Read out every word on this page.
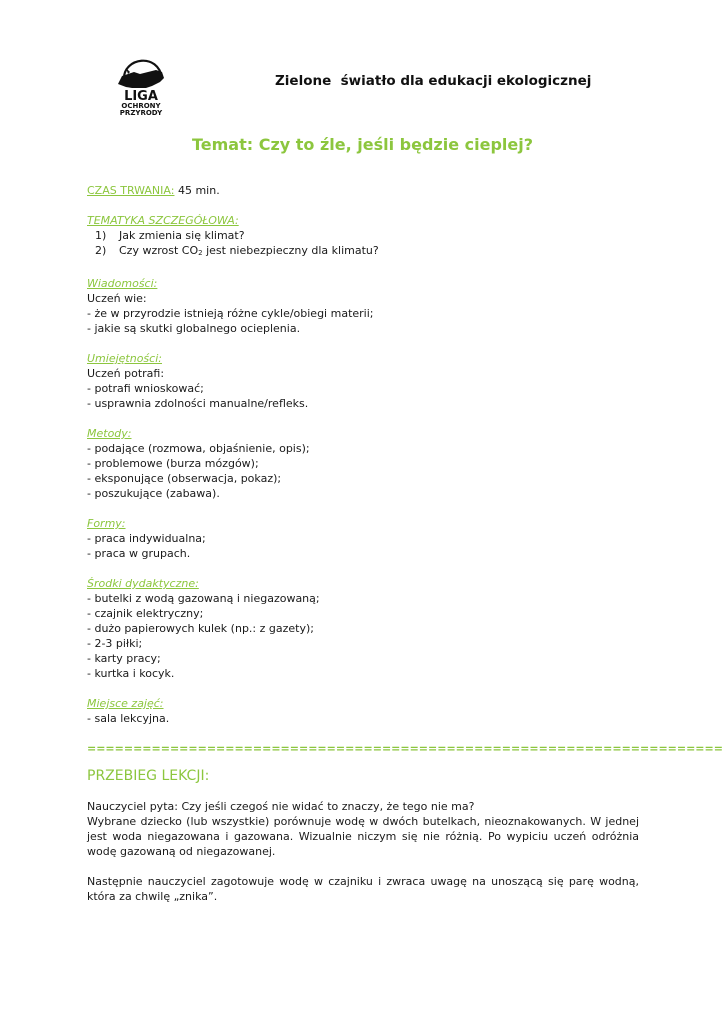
LIGA
OCHRONY
PRZYRODY
Zielone  światło dla edukacji ekologicznej
Temat: Czy to źle, jeśli będzie cieplej?
CZAS TRWANIA: 45 min.
TEMATYKA SZCZEGÓŁOWA:
1) Jak zmienia się klimat?
2) Czy wzrost $CO_2$ jest niebezpieczny dla klimatu?
Wiadomości:
Uczeń wie:
- że w przyrodzie istnieją różne cykle/obiegi materii;
- jakie są skutki globalnego ocieplenia.
Umiejętności:
Uczeń potrafi:
- potrafi wnioskować;
- usprawnia zdolności manualne/refleks.
Metody:
- podające (rozmowa, objaśnienie, opis);
- problemowe (burza mózgów);
- eksponujące (obserwacja, pokaz);
- poszukujące (zabawa).
Formy:
- praca indywidualna;
- praca w grupach.
Środki dydaktyczne:
- butelki z wodą gazowaną i niegazowaną;
- czajnik elektryczny;
- dużo papierowych kulek (np.: z gazety);
- 2-3 piłki;
- karty pracy;
- kurtka i kocyk.
Miejsce zajęć:
- sala lekcyjna.
=====================================================================
PRZEBIEG LEKCJI:
Nauczyciel pyta: Czy jeśli czegoś nie widać to znaczy, że tego nie ma?
Wybrane dziecko (lub wszystkie) porównuje wodę w dwóch butelkach, nieoznakowanych. W jednej jest woda niegazowana i gazowana. Wizualnie niczym się nie różnią. Po wypiciu uczeń odróżnia wodę gazowaną od niegazowanej.
Następnie nauczyciel zagotowuje wodę w czajniku i zwraca uwagę na unoszącą się parę wodną, która za chwilę „znika”.
